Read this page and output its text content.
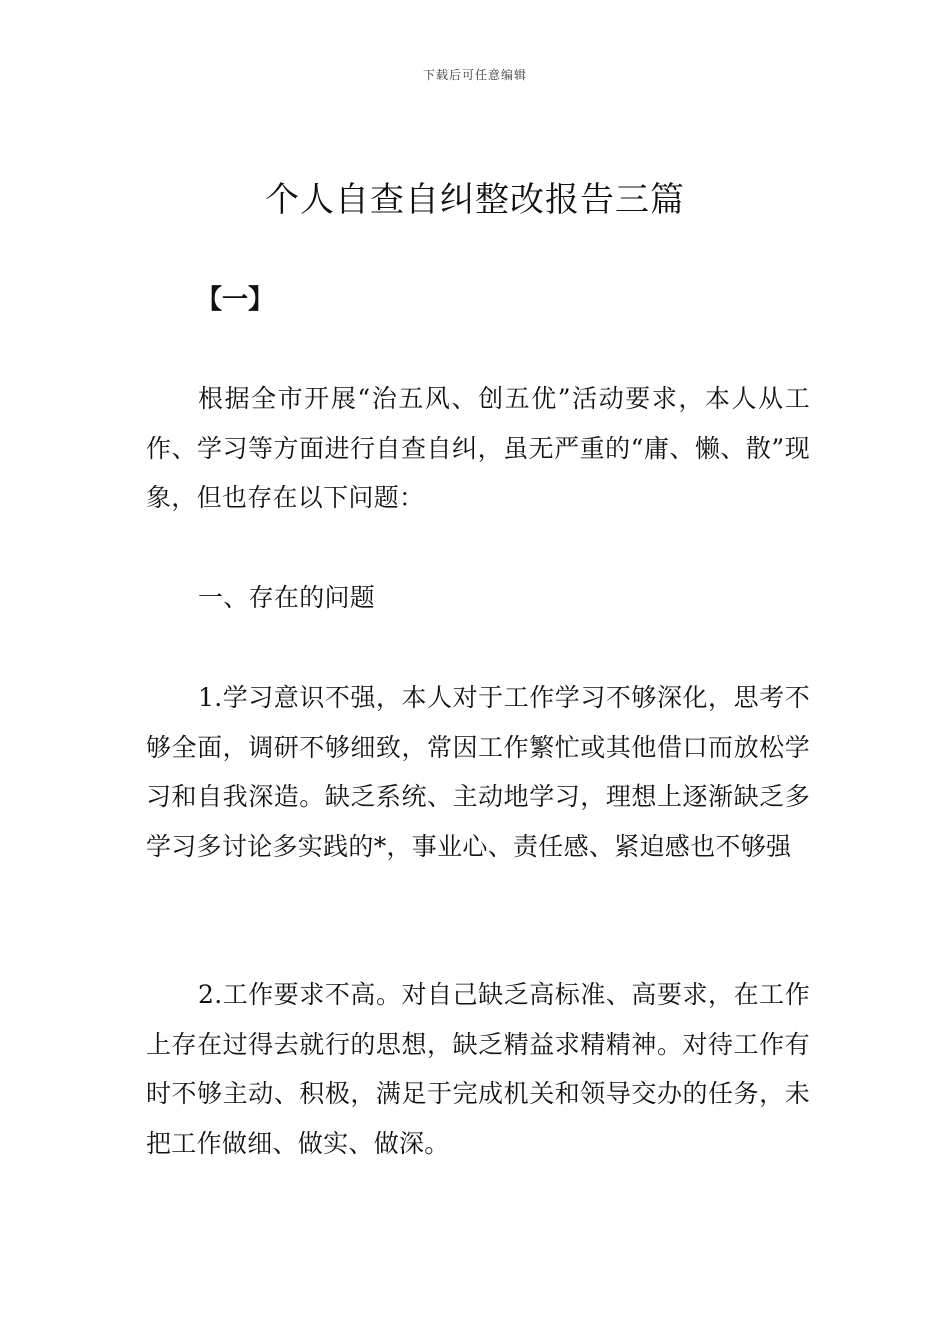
下载后可任意编辑
个人自查自纠整改报告三篇
【一】

根据全市开展“治五风、创五优”活动要求，本人从工作、学习等方面进行自查自纠，虽无严重的“庸、懒、散”现象，但也存在以下问题：

一、存在的问题

1.学习意识不强，本人对于工作学习不够深化，思考不够全面，调研不够细致，常因工作繁忙或其他借口而放松学习和自我深造。缺乏系统、主动地学习，理想上逐渐缺乏多学习多讨论多实践的*，事业心、责任感、紧迫感也不够强

2.工作要求不高。对自己缺乏高标准、高要求，在工作上存在过得去就行的思想，缺乏精益求精精神。对待工作有时不够主动、积极，满足于完成机关和领导交办的任务，未把工作做细、做实、做深。
